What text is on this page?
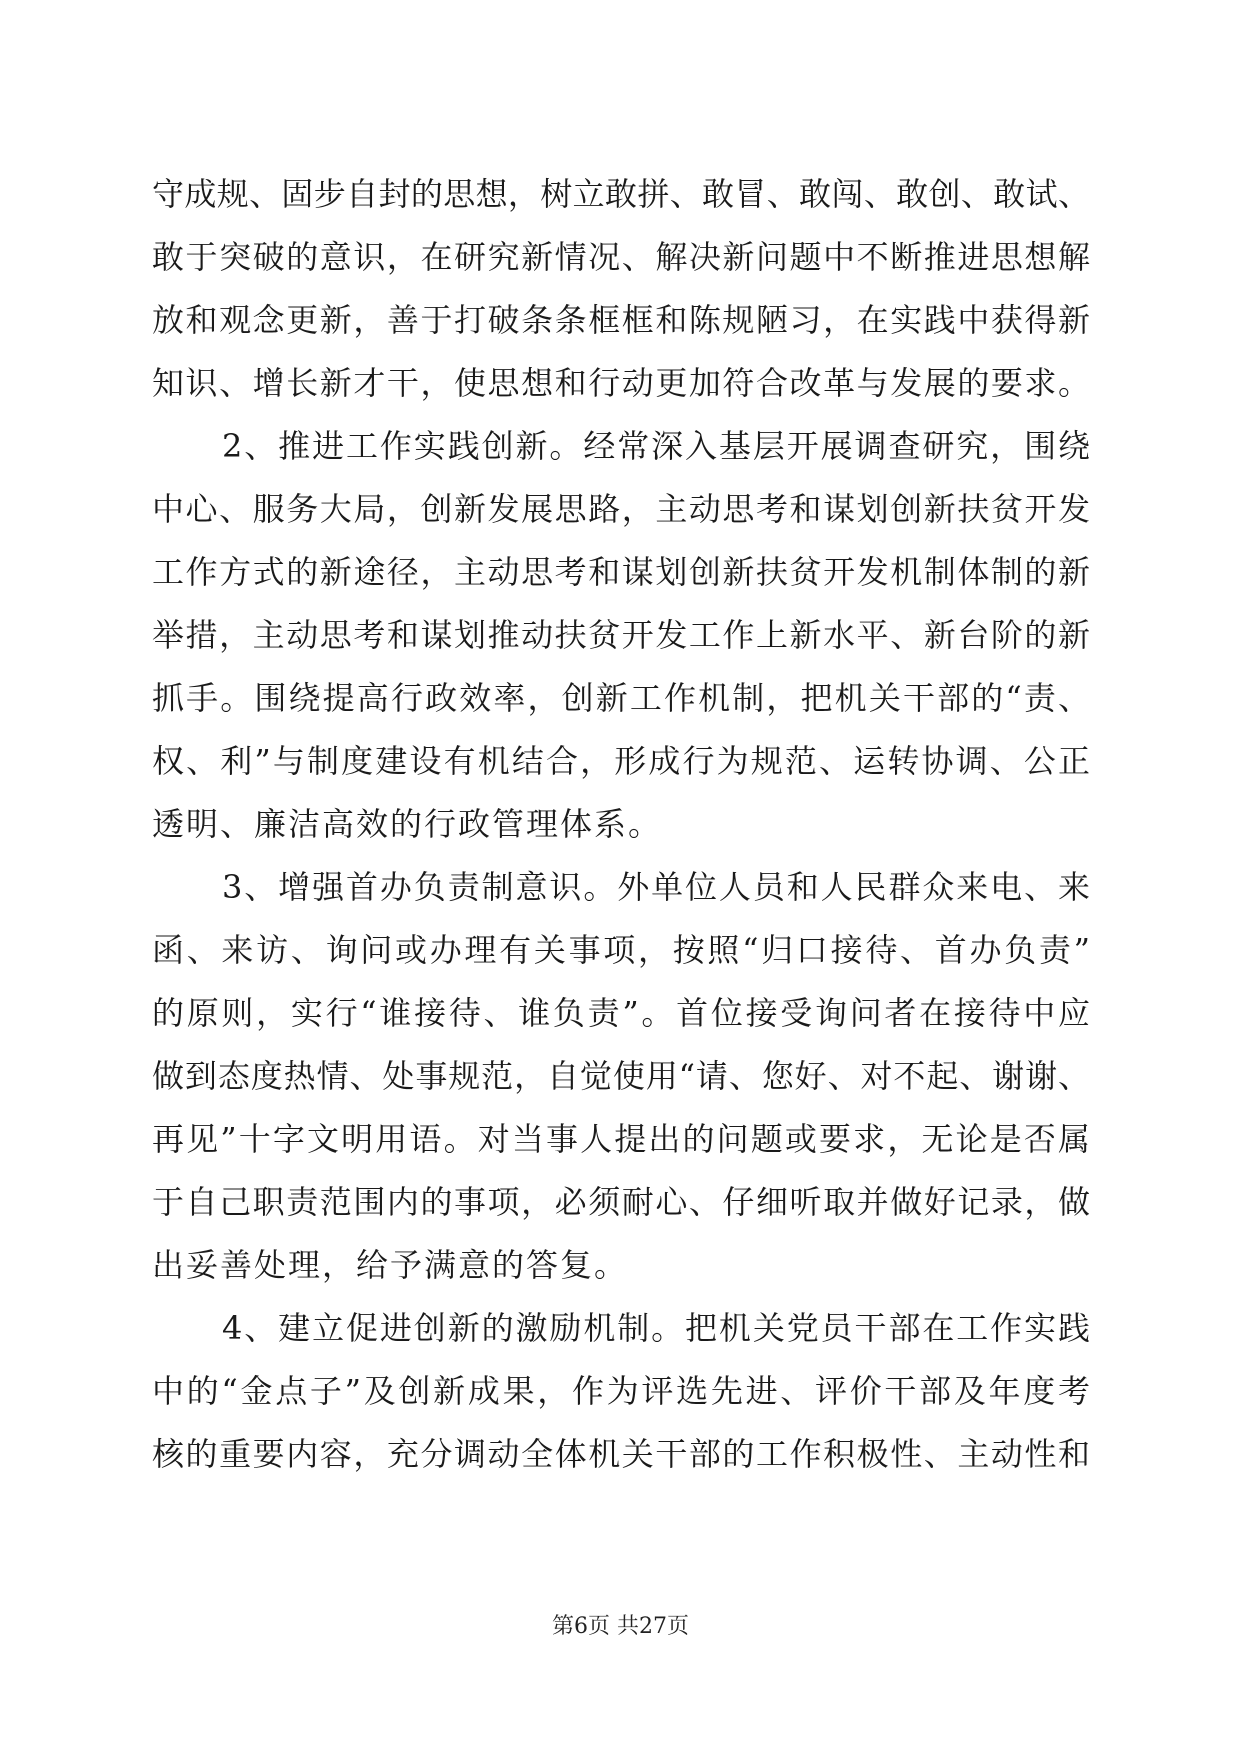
守成规、固步自封的思想，树立敢拼、敢冒、敢闯、敢创、敢试、
敢于突破的意识，在研究新情况、解决新问题中不断推进思想解
放和观念更新，善于打破条条框框和陈规陋习，在实践中获得新
知识、增长新才干，使思想和行动更加符合改革与发展的要求。
2、推进工作实践创新。经常深入基层开展调查研究，围绕
中心、服务大局，创新发展思路，主动思考和谋划创新扶贫开发
工作方式的新途径，主动思考和谋划创新扶贫开发机制体制的新
举措，主动思考和谋划推动扶贫开发工作上新水平、新台阶的新
抓手。围绕提高行政效率，创新工作机制，把机关干部的“责、
权、利”与制度建设有机结合，形成行为规范、运转协调、公正
透明、廉洁高效的行政管理体系。
3、增强首办负责制意识。外单位人员和人民群众来电、来
函、来访、询问或办理有关事项，按照“归口接待、首办负责”
的原则，实行“谁接待、谁负责”。首位接受询问者在接待中应
做到态度热情、处事规范，自觉使用“请、您好、对不起、谢谢、
再见”十字文明用语。对当事人提出的问题或要求，无论是否属
于自己职责范围内的事项，必须耐心、仔细听取并做好记录，做
出妥善处理，给予满意的答复。
4、建立促进创新的激励机制。把机关党员干部在工作实践
中的“金点子”及创新成果，作为评选先进、评价干部及年度考
核的重要内容，充分调动全体机关干部的工作积极性、主动性和
第6页 共27页
